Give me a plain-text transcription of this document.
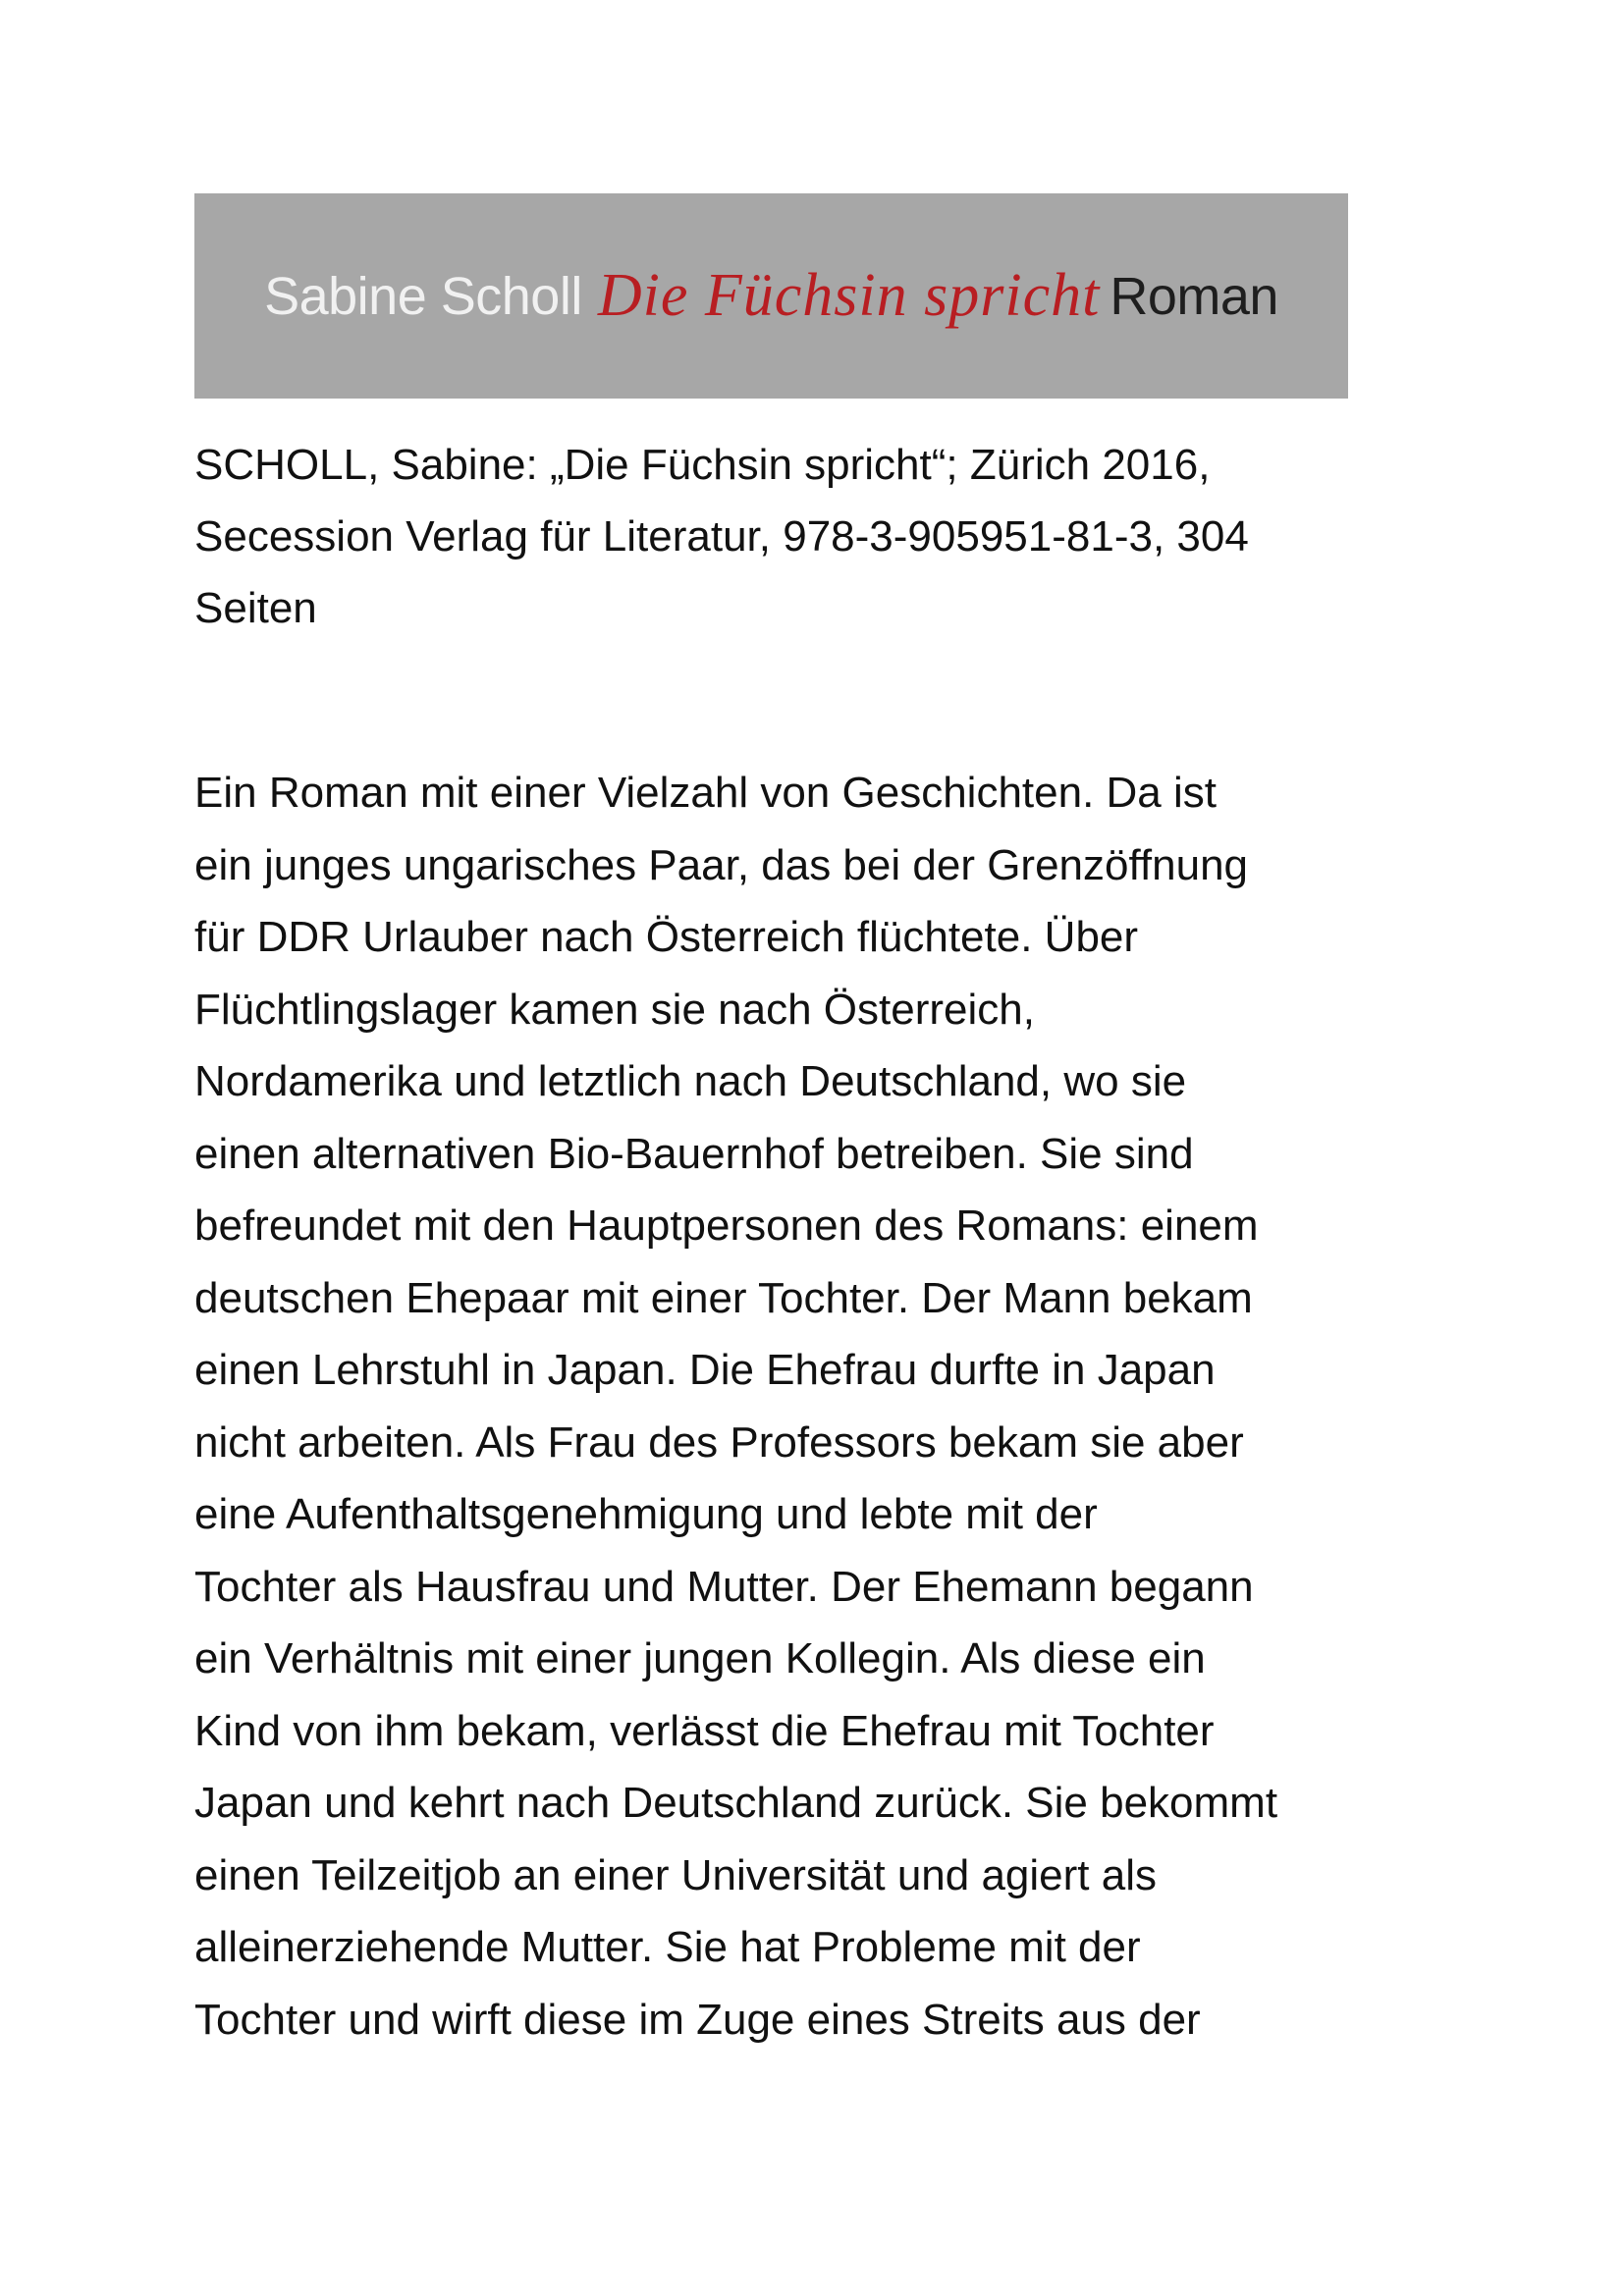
Sabine Scholl Die Füchsin spricht Roman

SCHOLL, Sabine: „Die Füchsin spricht“; Zürich 2016,
Secession Verlag für Literatur, 978-3-905951-81-3, 304
Seiten

Ein Roman mit einer Vielzahl von Geschichten. Da ist
ein junges ungarisches Paar, das bei der Grenzöffnung
für DDR Urlauber nach Österreich flüchtete. Über
Flüchtlingslager kamen sie nach Österreich,
Nordamerika und letztlich nach Deutschland, wo sie
einen alternativen Bio-Bauernhof betreiben. Sie sind
befreundet mit den Hauptpersonen des Romans: einem
deutschen Ehepaar mit einer Tochter. Der Mann bekam
einen Lehrstuhl in Japan. Die Ehefrau durfte in Japan
nicht arbeiten. Als Frau des Professors bekam sie aber
eine Aufenthaltsgenehmigung und lebte mit der
Tochter als Hausfrau und Mutter. Der Ehemann begann
ein Verhältnis mit einer jungen Kollegin. Als diese ein
Kind von ihm bekam, verlässt die Ehefrau mit Tochter
Japan und kehrt nach Deutschland zurück. Sie bekommt
einen Teilzeitjob an einer Universität und agiert als
alleinerziehende Mutter. Sie hat Probleme mit der
Tochter und wirft diese im Zuge eines Streits aus der
